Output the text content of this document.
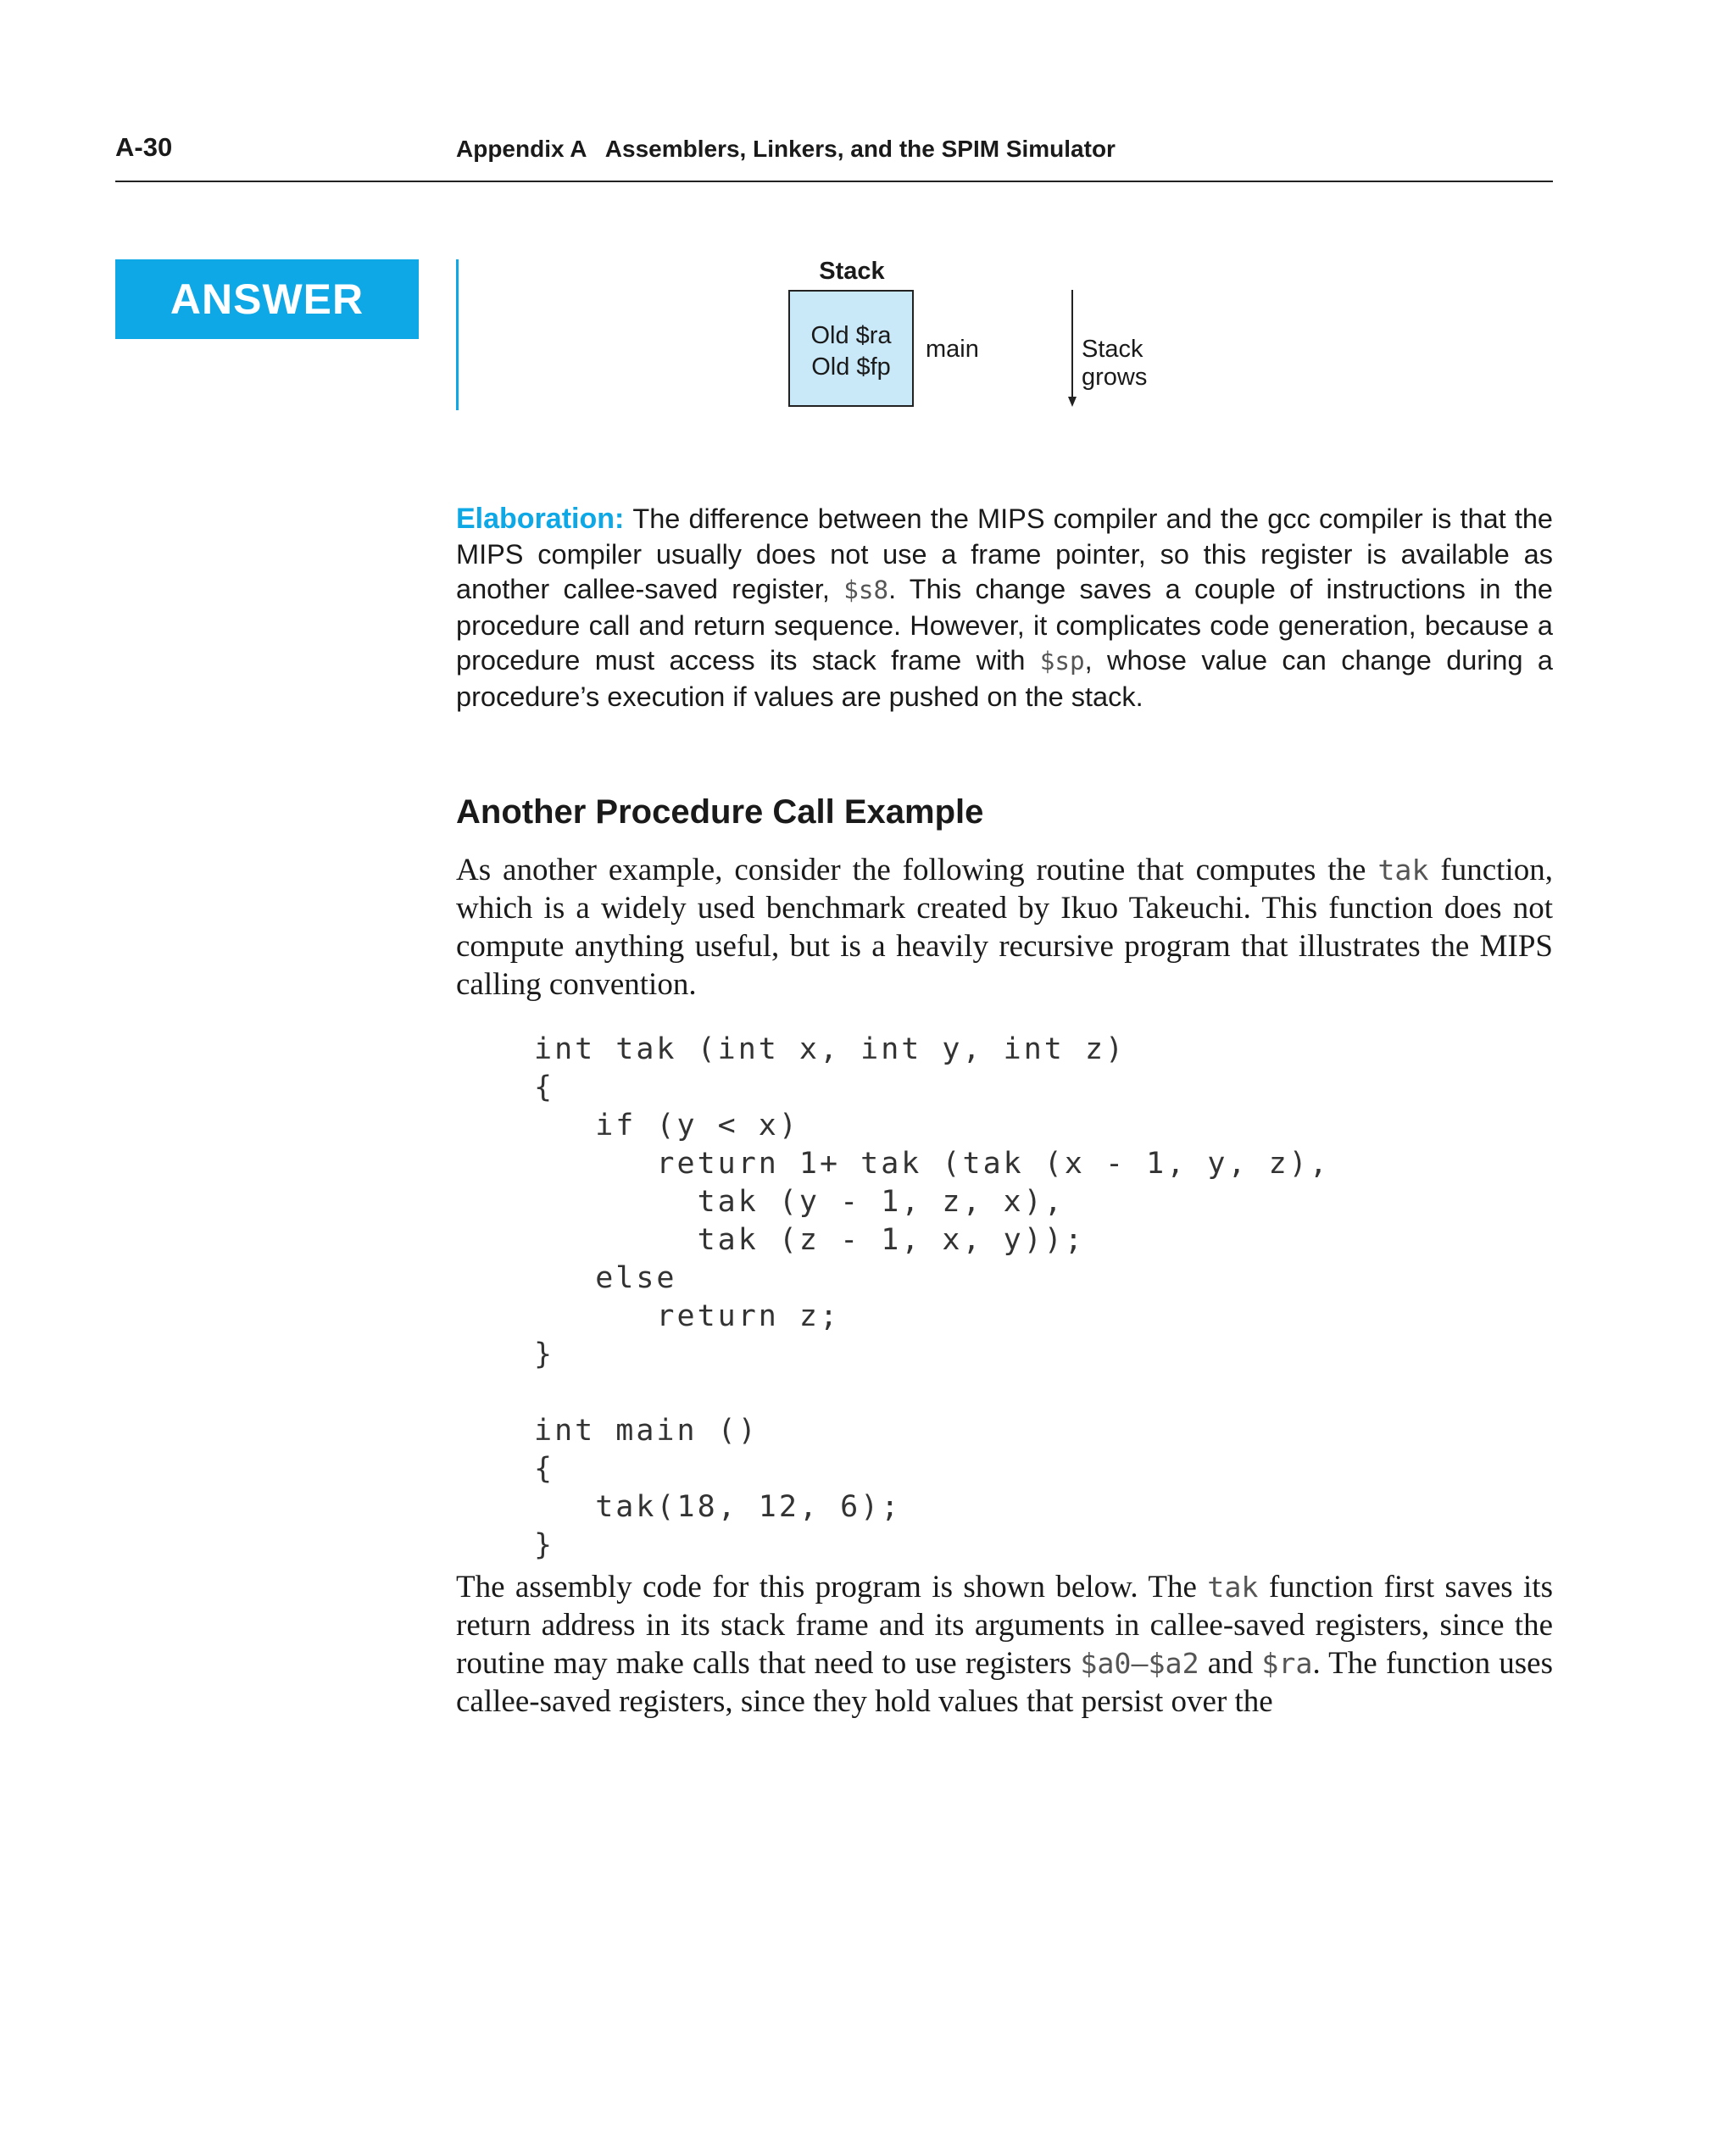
A-30	Appendix A   Assemblers, Linkers, and the SPIM Simulator
ANSWER
Stack
Old $ra
Old $fp
main	Stack grows

Elaboration: The difference between the MIPS compiler and the gcc compiler is that the MIPS compiler usually does not use a frame pointer, so this register is available as another callee-saved register, $s8. This change saves a couple of instructions in the procedure call and return sequence. However, it complicates code generation, because a procedure must access its stack frame with $sp, whose value can change during a procedure’s execution if values are pushed on the stack.

Another Procedure Call Example

As another example, consider the following routine that computes the tak function, which is a widely used benchmark created by Ikuo Takeuchi. This function does not compute anything useful, but is a heavily recursive program that illustrates the MIPS calling convention.

int tak (int x, int y, int z)
{
if (y < x)
return 1+ tak (tak (x - 1, y, z),
tak (y - 1, z, x),
tak (z - 1, x, y));
else
return z;
}

int main ()
{
tak(18, 12, 6);
}

The assembly code for this program is shown below. The tak function first saves its return address in its stack frame and its arguments in callee-saved registers, since the routine may make calls that need to use registers $a0–$a2 and $ra. The function uses callee-saved registers, since they hold values that persist over the
